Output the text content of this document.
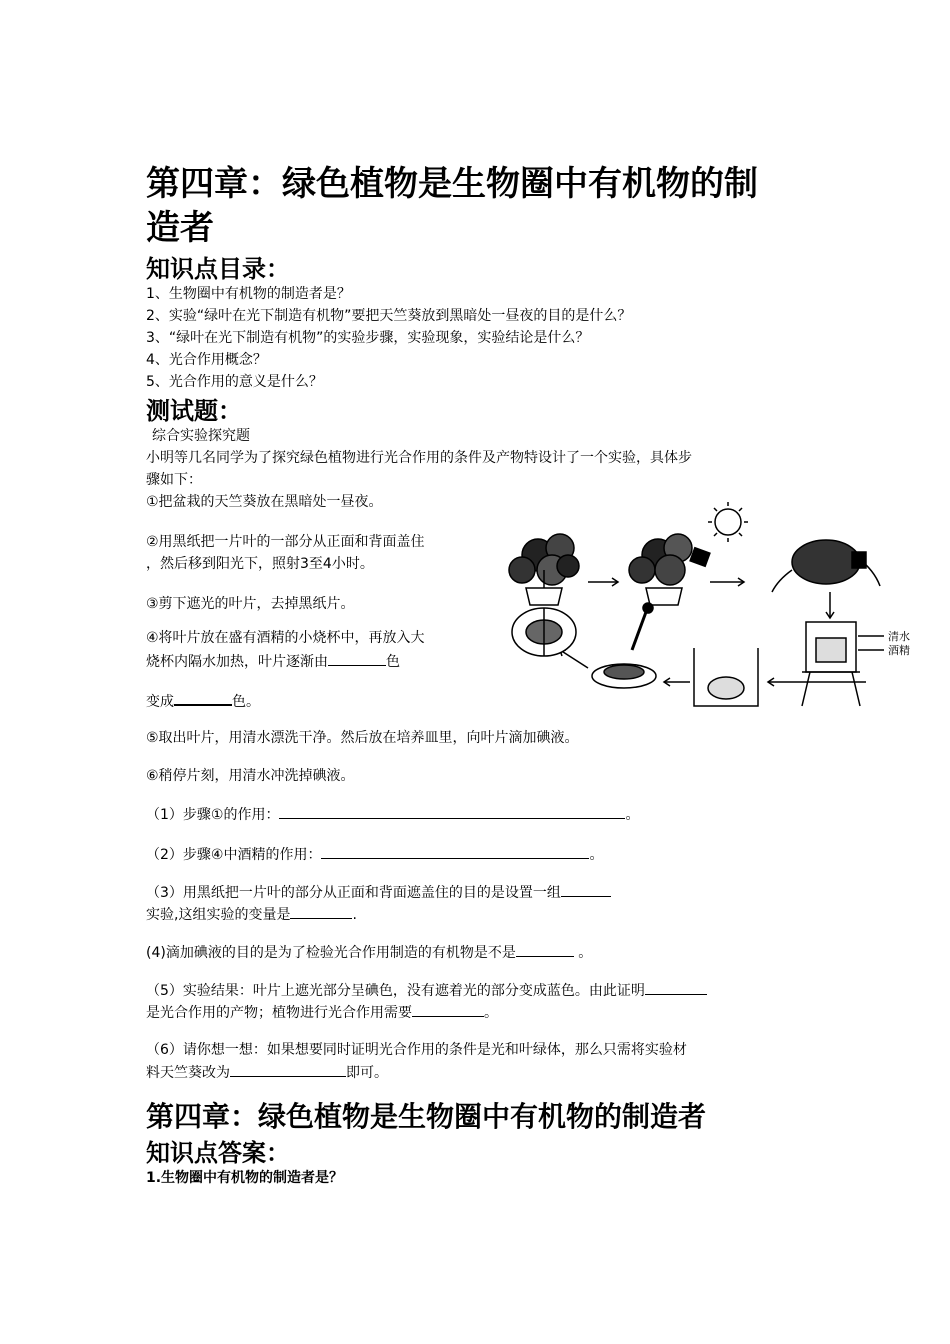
第四章：绿色植物是生物圈中有机物的制
造者
知识点目录：
1、生物圈中有机物的制造者是？
2、实验“绿叶在光下制造有机物”要把天竺葵放到黑暗处一昼夜的目的是什么？
3、“绿叶在光下制造有机物”的实验步骤，实验现象，实验结论是什么？
4、光合作用概念？
5、光合作用的意义是什么？
测试题：
综合实验探究题
小明等几名同学为了探究绿色植物进行光合作用的条件及产物特设计了一个实验，具体步
骤如下：
①把盆栽的天竺葵放在黑暗处一昼夜。
②用黑纸把一片叶的一部分从正面和背面盖住
，然后移到阳光下，照射3至4小时。
③剪下遮光的叶片，去掉黑纸片。
④将叶片放在盛有酒精的小烧杯中，再放入大
烧杯内隔水加热，叶片逐渐由	色
变成	色。
⑤取出叶片，用清水漂洗干净。然后放在培养皿里，向叶片滴加碘液。
⑥稍停片刻，用清水冲洗掉碘液。
（1）步骤①的作用：	。
（2）步骤④中酒精的作用：	。
（3）用黑纸把一片叶的部分从正面和背面遮盖住的目的是设置一组
实验,这组实验的变量是	.
(4)滴加碘液的目的是为了检验光合作用制造的有机物是不是	。
（5）实验结果：叶片上遮光部分呈碘色，没有遮着光的部分变成蓝色。由此证明
是光合作用的产物；植物进行光合作用需要	。
（6）请你想一想：如果想要同时证明光合作用的条件是光和叶绿体，那么只需将实验材
料天竺葵改为	即可。
第四章：绿色植物是生物圈中有机物的制造者
知识点答案：
1.生物圈中有机物的制造者是？
清水
酒精
